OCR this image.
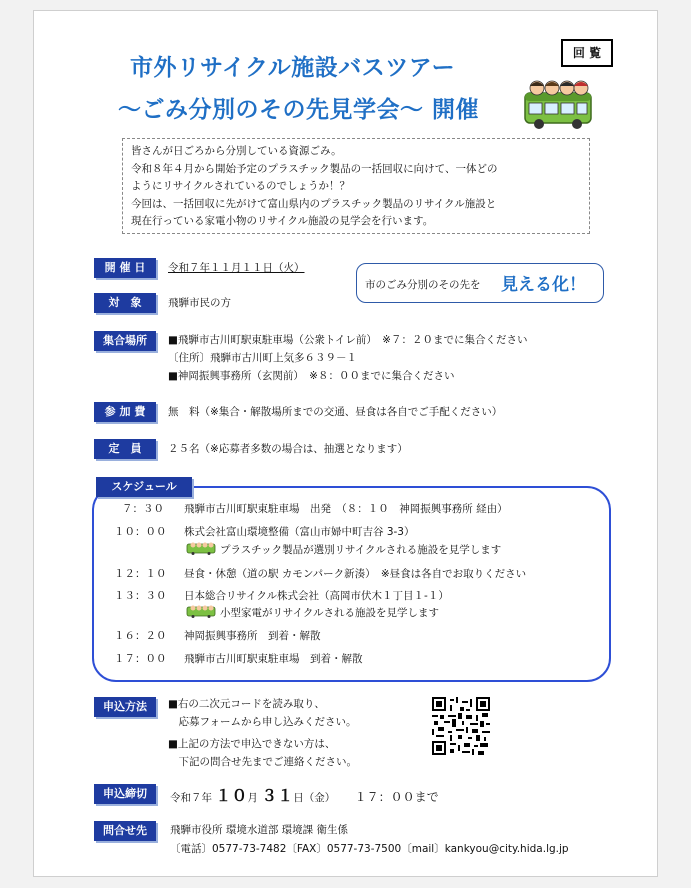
市外リサイクル施設バスツアー
～ごみ分別のその先見学会～ 開催
回 覧
皆さんが日ごろから分別している資源ごみ。
令和８年４月から開始予定のプラスチック製品の一括回収に向けて、一体どの
ようにリサイクルされているのでしょうか！？
今回は、一括回収に先がけて富山県内のプラスチック製品のリサイクル施設と
現在行っている家電小物のリサイクル施設の見学会を行います。
開 催 日	令和７年１１月１１日（火）
市のごみ分別のその先を 見える化！
対　象	飛騨市民の方
集合場所	■飛騨市古川町駅東駐車場（公衆トイレ前）　※７：２０までに集合ください
〔住所〕飛騨市古川町上気多６３９－１
■神岡振興事務所（玄関前）　※８：００までに集合ください
参 加 費	無　料（※集合・解散場所までの交通、昼食は各自でご手配ください）
定　員	２５名（※応募者多数の場合は、抽選となります）
スケジュール
７：３０ 飛騨市古川町駅東駐車場　出発　（８：１０　神岡振興事務所 経由）
１０：００ 株式会社富山環境整備（富山市婦中町吉谷 3-3）
プラスチック製品が選別リサイクルされる施設を見学します
１２：１０ 昼食・休憩（道の駅 カモンパーク新湊）　※昼食は各自でお取りください
１３：３０ 日本総合リサイクル株式会社（高岡市伏木１丁目１-１）
小型家電がリサイクルされる施設を見学します
１６：２０ 神岡振興事務所　到着・解散
１７：００ 飛騨市古川町駅東駐車場　到着・解散
申込方法	■右の二次元コードを読み取り、
　応募フォームから申し込みください。
■上記の方法で申込できない方は、
　下記の問合せ先までご連絡ください。
申込締切	令和７年 １０月 ３１日（金） １７：００まで
問合せ先	飛騨市役所 環境水道部 環境課 衛生係
〔電話〕0577-73-7482〔FAX〕0577-73-7500〔mail〕kankyou@city.hida.lg.jp
